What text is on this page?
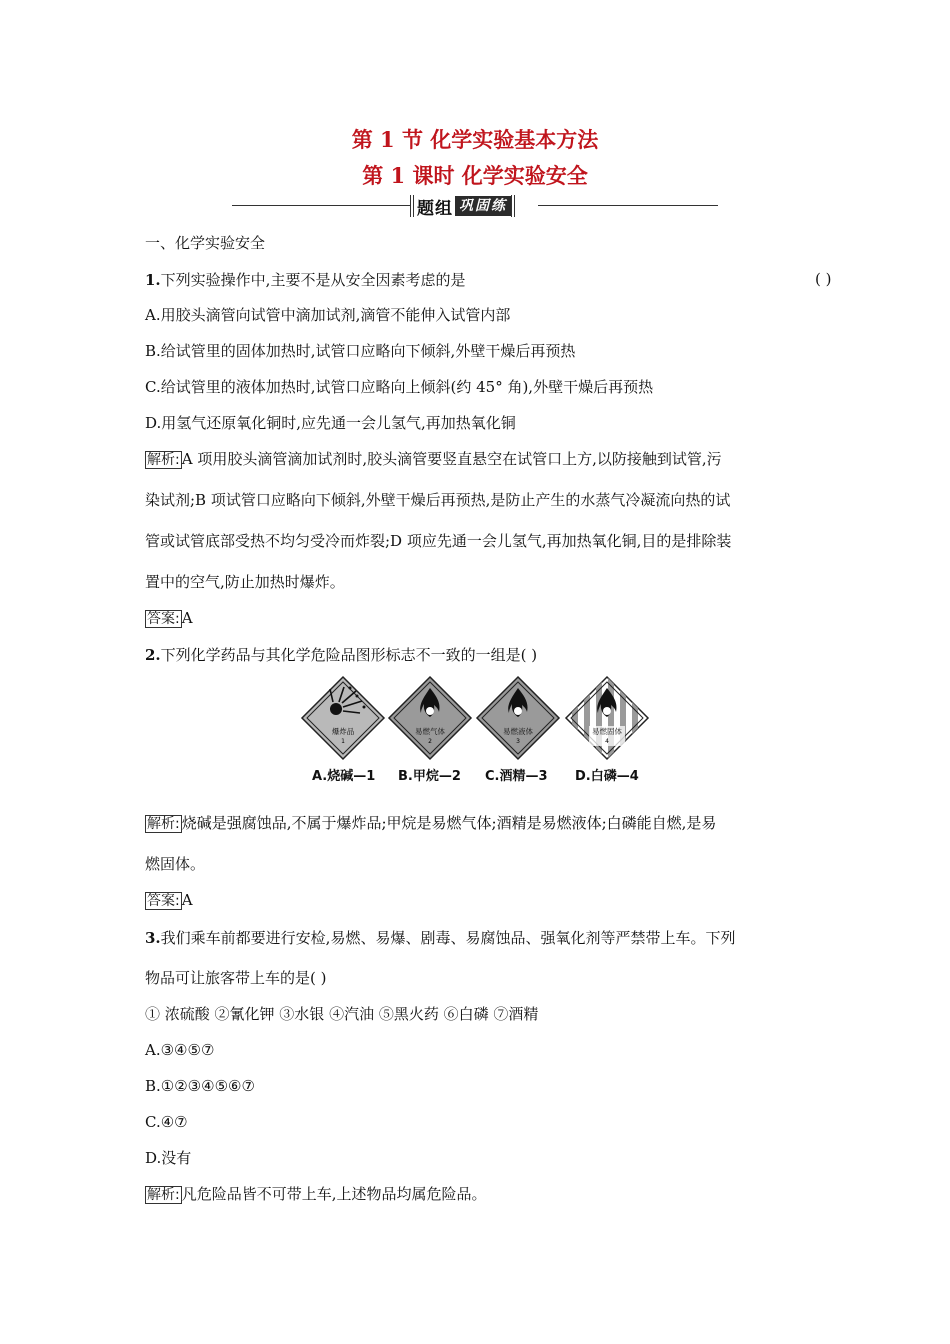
第 1 节 化学实验基本方法
第 1 课时 化学实验安全
题组 巩固练
一、化学实验安全
1.下列实验操作中,主要不是从安全因素考虑的是	( )
A.用胶头滴管向试管中滴加试剂,滴管不能伸入试管内部
B.给试管里的固体加热时,试管口应略向下倾斜,外壁干燥后再预热
C.给试管里的液体加热时,试管口应略向上倾斜(约 45° 角),外壁干燥后再预热
D.用氢气还原氧化铜时,应先通一会儿氢气,再加热氧化铜
解析: A 项用胶头滴管滴加试剂时,胶头滴管要竖直悬空在试管口上方,以防接触到试管,污
染试剂;B 项试管口应略向下倾斜,外壁干燥后再预热,是防止产生的水蒸气冷凝流向热的试
管或试管底部受热不均匀受冷而炸裂;D 项应先通一会儿氢气,再加热氧化铜,目的是排除装
置中的空气,防止加热时爆炸。
答案: A
2.下列化学药品与其化学危险品图形标志不一致的一组是( )
爆炸品
1
易燃气体
2
易燃液体
3
易燃固体
4
A.烧碱—1 B.甲烷—2 C.酒精—3 D.白磷—4
解析: 烧碱是强腐蚀品,不属于爆炸品;甲烷是易燃气体;酒精是易燃液体;白磷能自燃,是易
燃固体。
答案: A
3.我们乘车前都要进行安检,易燃、易爆、剧毒、易腐蚀品、强氧化剂等严禁带上车。下列
物品可让旅客带上车的是( )
① 浓硫酸 ②氰化钾 ③水银 ④汽油 ⑤黑火药 ⑥白磷 ⑦酒精
A.③④⑤⑦
B.①②③④⑤⑥⑦
C.④⑦
D.没有
解析: 凡危险品皆不可带上车,上述物品均属危险品。
